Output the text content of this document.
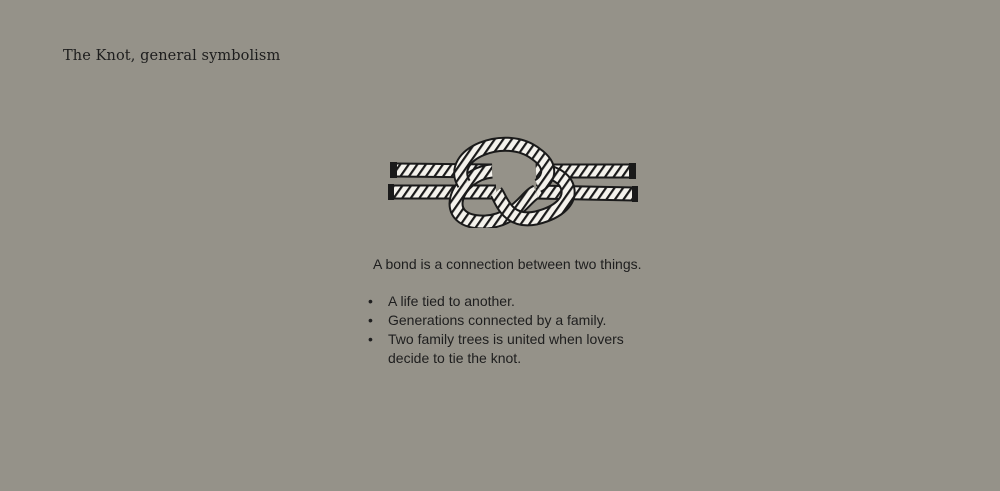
The Knot, general symbolism

A bond is a connection between two things.

• A life tied to another.
• Generations connected by a family.
• Two family trees is united when lovers decide to tie the knot.
